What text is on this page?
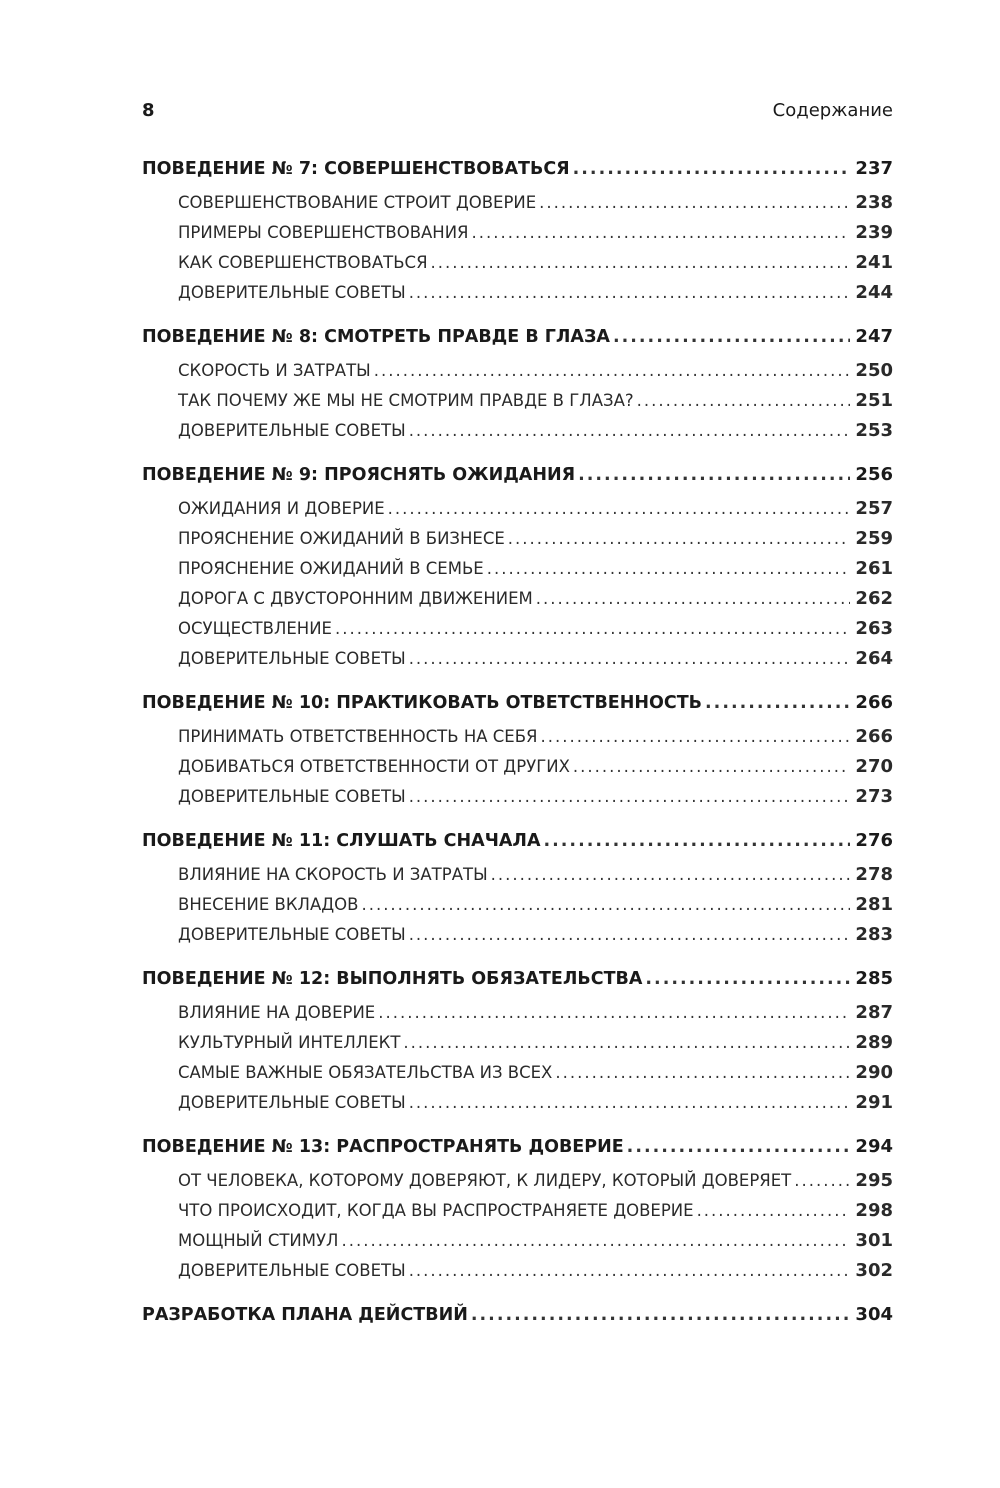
8	Содержание
ПОВЕДЕНИЕ № 7: СОВЕРШЕНСТВОВАТЬСЯ .....	237
СОВЕРШЕНСТВОВАНИЕ СТРОИТ ДОВЕРИЕ .....	238
ПРИМЕРЫ СОВЕРШЕНСТВОВАНИЯ .....	239
КАК СОВЕРШЕНСТВОВАТЬСЯ .....	241
ДОВЕРИТЕЛЬНЫЕ СОВЕТЫ .....	244
ПОВЕДЕНИЕ № 8: СМОТРЕТЬ ПРАВДЕ В ГЛАЗА .....	247
СКОРОСТЬ И ЗАТРАТЫ .....	250
ТАК ПОЧЕМУ ЖЕ МЫ НЕ СМОТРИМ ПРАВДЕ В ГЛАЗА? .....	251
ДОВЕРИТЕЛЬНЫЕ СОВЕТЫ .....	253
ПОВЕДЕНИЕ № 9: ПРОЯСНЯТЬ ОЖИДАНИЯ .....	256
ОЖИДАНИЯ И ДОВЕРИЕ .....	257
ПРОЯСНЕНИЕ ОЖИДАНИЙ В БИЗНЕСЕ .....	259
ПРОЯСНЕНИЕ ОЖИДАНИЙ В СЕМЬЕ .....	261
ДОРОГА С ДВУСТОРОННИМ ДВИЖЕНИЕМ .....	262
ОСУЩЕСТВЛЕНИЕ .....	263
ДОВЕРИТЕЛЬНЫЕ СОВЕТЫ .....	264
ПОВЕДЕНИЕ № 10: ПРАКТИКОВАТЬ ОТВЕТСТВЕННОСТЬ .....	266
ПРИНИМАТЬ ОТВЕТСТВЕННОСТЬ НА СЕБЯ .....	266
ДОБИВАТЬСЯ ОТВЕТСТВЕННОСТИ ОТ ДРУГИХ .....	270
ДОВЕРИТЕЛЬНЫЕ СОВЕТЫ .....	273
ПОВЕДЕНИЕ № 11: СЛУШАТЬ СНАЧАЛА .....	276
ВЛИЯНИЕ НА СКОРОСТЬ И ЗАТРАТЫ .....	278
ВНЕСЕНИЕ ВКЛАДОВ .....	281
ДОВЕРИТЕЛЬНЫЕ СОВЕТЫ .....	283
ПОВЕДЕНИЕ № 12: ВЫПОЛНЯТЬ ОБЯЗАТЕЛЬСТВА .....	285
ВЛИЯНИЕ НА ДОВЕРИЕ .....	287
КУЛЬТУРНЫЙ ИНТЕЛЛЕКТ .....	289
САМЫЕ ВАЖНЫЕ ОБЯЗАТЕЛЬСТВА ИЗ ВСЕХ .....	290
ДОВЕРИТЕЛЬНЫЕ СОВЕТЫ .....	291
ПОВЕДЕНИЕ № 13: РАСПРОСТРАНЯТЬ ДОВЕРИЕ .....	294
ОТ ЧЕЛОВЕКА, КОТОРОМУ ДОВЕРЯЮТ, К ЛИДЕРУ, КОТОРЫЙ ДОВЕРЯЕТ .....	295
ЧТО ПРОИСХОДИТ, КОГДА ВЫ РАСПРОСТРАНЯЕТЕ ДОВЕРИЕ .....	298
МОЩНЫЙ СТИМУЛ .....	301
ДОВЕРИТЕЛЬНЫЕ СОВЕТЫ .....	302
РАЗРАБОТКА ПЛАНА ДЕЙСТВИЙ .....	304
